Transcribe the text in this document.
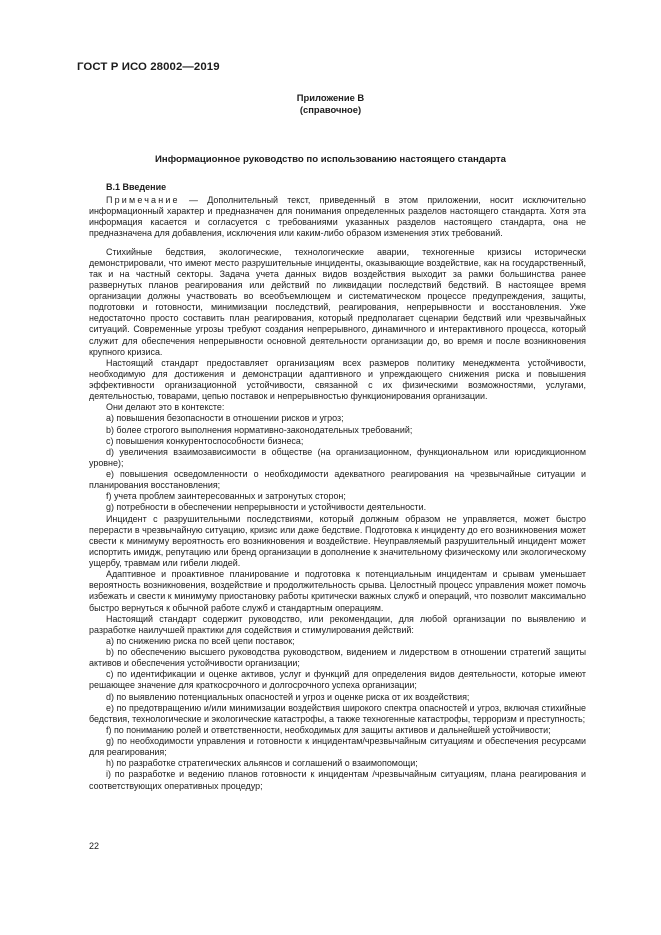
ГОСТ Р ИСО 28002—2019
Приложение В
(справочное)
Информационное руководство по использованию настоящего стандарта
В.1 Введение

Примечание — Дополнительный текст, приведенный в этом приложении, носит исключительно информационный характер и предназначен для понимания определенных разделов настоящего стандарта. Хотя эта информация касается и согласуется с требованиями указанных разделов настоящего стандарта, она не предназначена для добавления, исключения или каким-либо образом изменения этих требований.

Стихийные бедствия, экологические, технологические аварии, техногенные кризисы исторически демонстрировали, что имеют место разрушительные инциденты, оказывающие воздействие, как на государственный, так и на частный секторы. Задача учета данных видов воздействия выходит за рамки большинства ранее развернутых планов реагирования или действий по ликвидации последствий бедствий. В настоящее время организации должны участвовать во всеобъемлющем и систематическом процессе предупреждения, защиты, подготовки и готовности, минимизации последствий, реагирования, непрерывности и восстановления. Уже недостаточно просто составить план реагирования, который предполагает сценарии бедствий или чрезвычайных ситуаций. Современные угрозы требуют создания непрерывного, динамичного и интерактивного процесса, который служит для обеспечения непрерывности основной деятельности организации до, во время и после возникновения крупного кризиса.

Настоящий стандарт предоставляет организациям всех размеров политику менеджмента устойчивости, необходимую для достижения и демонстрации адаптивного и упреждающего снижения риска и повышения эффективности организационной устойчивости, связанной с их физическими возможностями, услугами, деятельностью, товарами, цепью поставок и непрерывностью функционирования организации.

Они делают это в контексте:

a) повышения безопасности в отношении рисков и угроз;

b) более строгого выполнения нормативно-законодательных требований;

c) повышения конкурентоспособности бизнеса;

d) увеличения взаимозависимости в обществе (на организационном, функциональном или юрисдикционном уровне);

e) повышения осведомленности о необходимости адекватного реагирования на чрезвычайные ситуации и планирования восстановления;

f) учета проблем заинтересованных и затронутых сторон;

g) потребности в обеспечении непрерывности и устойчивости деятельности.

Инцидент с разрушительными последствиями, который должным образом не управляется, может быстро перерасти в чрезвычайную ситуацию, кризис или даже бедствие. Подготовка к инциденту до его возникновения может свести к минимуму вероятность его возникновения и воздействие. Неуправляемый разрушительный инцидент может испортить имидж, репутацию или бренд организации в дополнение к значительному физическому или экологическому ущербу, травмам или гибели людей.

Адаптивное и проактивное планирование и подготовка к потенциальным инцидентам и срывам уменьшает вероятность возникновения, воздействие и продолжительность срыва. Целостный процесс управления может помочь избежать и свести к минимуму приостановку работы критически важных служб и операций, что позволит максимально быстро вернуться к обычной работе служб и стандартным операциям.

Настоящий стандарт содержит руководство, или рекомендации, для любой организации по выявлению и разработке наилучшей практики для содействия и стимулирования действий:

a) по снижению риска по всей цепи поставок;

b) по обеспечению высшего руководства руководством, видением и лидерством в отношении стратегий защиты активов и обеспечения устойчивости организации;

c) по идентификации и оценке активов, услуг и функций для определения видов деятельности, которые имеют решающее значение для краткосрочного и долгосрочного успеха организации;

d) по выявлению потенциальных опасностей и угроз и оценке риска от их воздействия;

e) по предотвращению и/или минимизации воздействия широкого спектра опасностей и угроз, включая стихийные бедствия, технологические и экологические катастрофы, а также техногенные катастрофы, терроризм и преступность;

f) по пониманию ролей и ответственности, необходимых для защиты активов и дальнейшей устойчивости;

g) по необходимости управления и готовности к инцидентам/чрезвычайным ситуациям и обеспечения ресурсами для реагирования;

h) по разработке стратегических альянсов и соглашений о взаимопомощи;

i) по разработке и ведению планов готовности к инцидентам /чрезвычайным ситуациям, плана реагирования и соответствующих оперативных процедур;

22
